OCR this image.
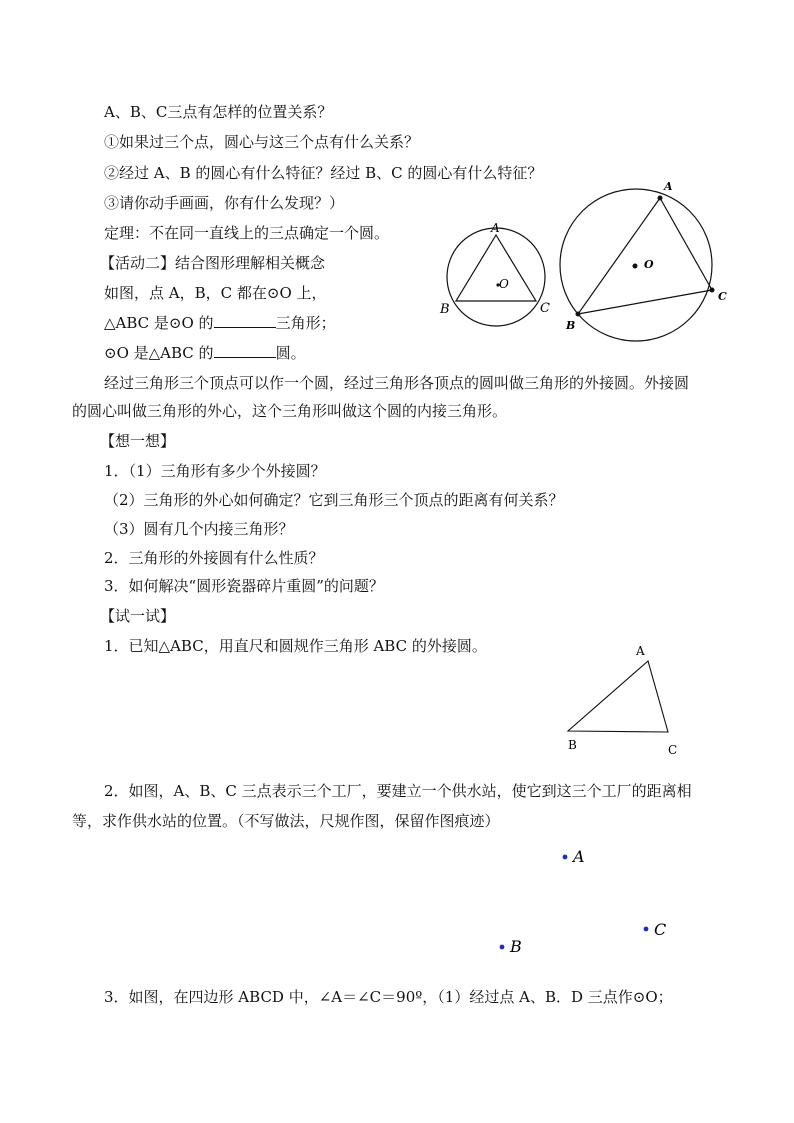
A、B、C三点有怎样的位置关系？
①如果过三个点，圆心与这三个点有什么关系？
②经过 A、B 的圆心有什么特征？经过 B、C 的圆心有什么特征？
③请你动手画画，你有什么发现？）
定理：不在同一直线上的三点确定一个圆。
【活动二】结合图形理解相关概念
如图，点 A，B，C 都在⊙O 上，
△ABC 是⊙O 的	三角形；
⊙O 是△ABC 的	圆。
经过三角形三个顶点可以作一个圆，经过三角形各顶点的圆叫做三角形的外接圆。外接圆
的圆心叫做三角形的外心，这个三角形叫做这个圆的内接三角形。
【想一想】
1．（1）三角形有多少个外接圆？
（2）三角形的外心如何确定？它到三角形三个顶点的距离有何关系？
（3）圆有几个内接三角形？
2．三角形的外接圆有什么性质？
3．如何解决“圆形瓷器碎片重圆”的问题？
【试一试】
1．已知△ABC，用直尺和圆规作三角形 ABC 的外接圆。
2．如图，A、B、C 三点表示三个工厂，要建立一个供水站，使它到这三个工厂的距离相
等，求作供水站的位置。（不写做法，尺规作图，保留作图痕迹）
3．如图，在四边形 ABCD 中，∠A＝∠C＝90º，（1）经过点 A、B．D 三点作⊙O；
A
B	C
O
A
C
B
O
A
B	C
A
C
B
